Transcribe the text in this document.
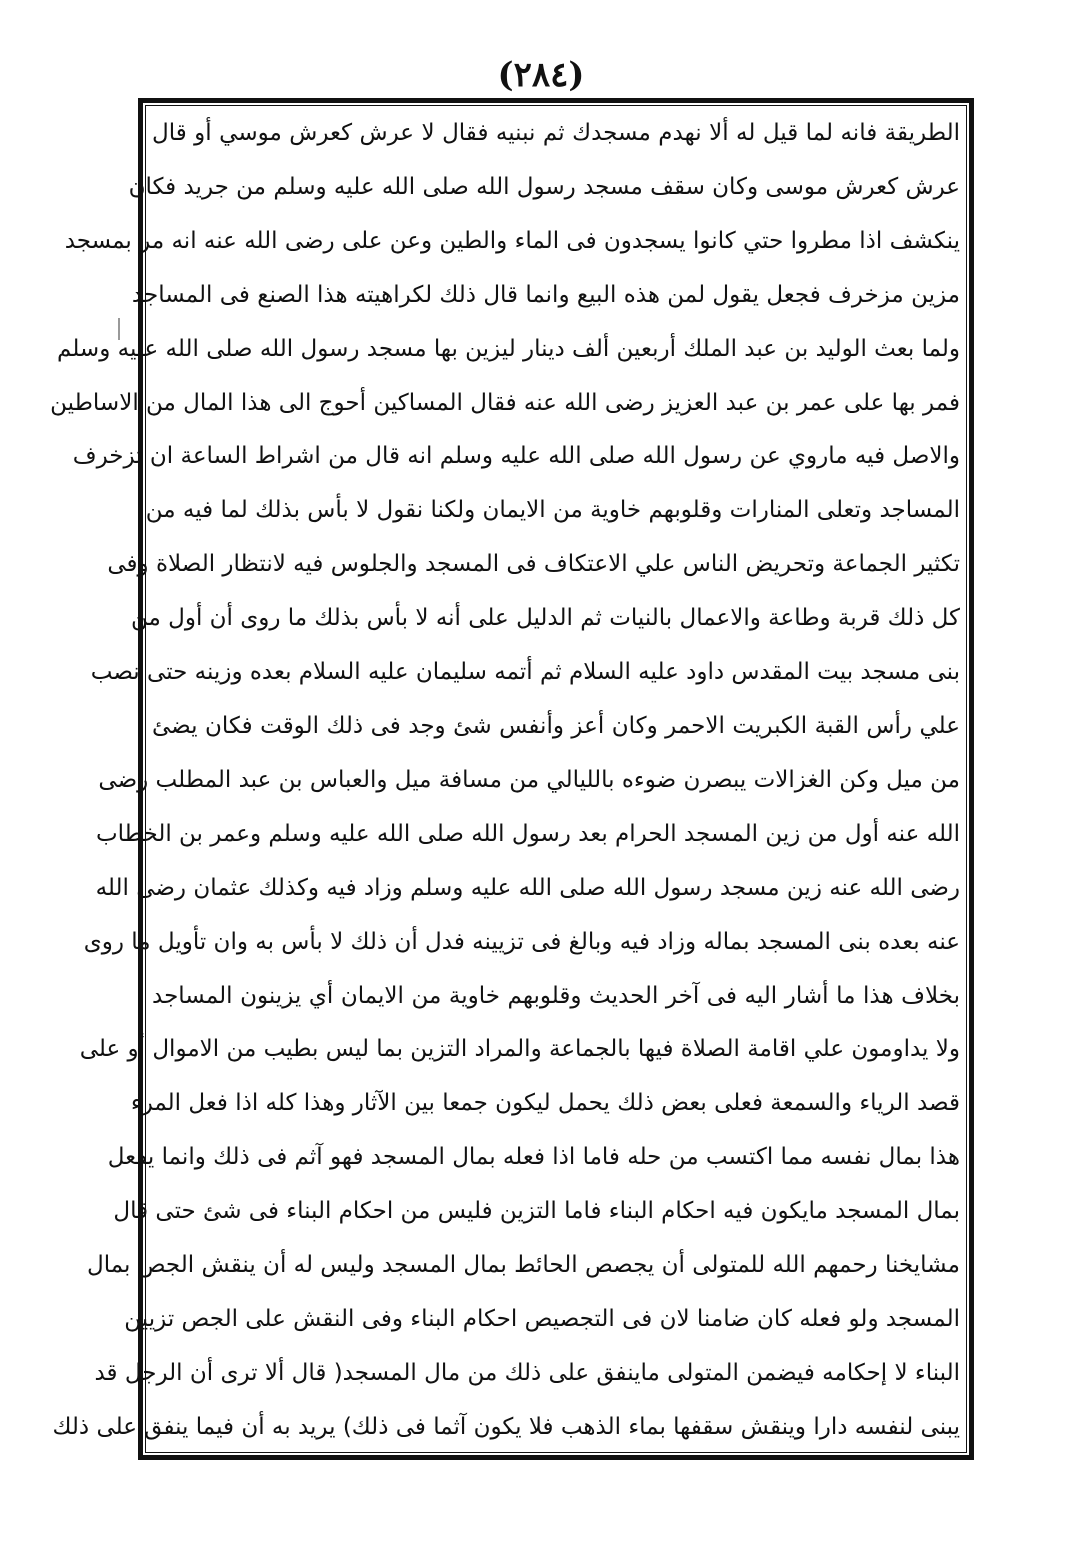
(٢٨٤)
الطريقة فانه لما قيل له ألا نهدم مسجدك ثم نبنيه فقال لا عرش كعرش موسي أو قال
عرش كعرش موسى وكان سقف مسجد رسول الله صلى الله عليه وسلم من جريد فكان
ينكشف اذا مطروا حتي كانوا يسجدون فى الماء والطين وعن على رضى الله عنه انه مر بمسجد
مزين مزخرف فجعل يقول لمن هذه البيع وانما قال ذلك لكراهيته هذا الصنع فى المساجد
ولما بعث الوليد بن عبد الملك أربعين ألف دينار ليزين بها مسجد رسول الله صلى الله عليه وسلم
فمر بها على عمر بن عبد العزيز رضى الله عنه فقال المساكين أحوج الى هذا المال من الاساطين
والاصل فيه ماروي عن رسول الله صلى الله عليه وسلم انه قال من اشراط الساعة ان تزخرف
المساجد وتعلى المنارات وقلوبهم خاوية من الايمان ولكنا نقول لا بأس بذلك لما فيه من
تكثير الجماعة وتحريض الناس علي الاعتكاف فى المسجد والجلوس فيه لانتظار الصلاة وفى
كل ذلك قربة وطاعة والاعمال بالنيات ثم الدليل على أنه لا بأس بذلك ما روى أن أول من
بنى مسجد بيت المقدس داود عليه السلام ثم أتمه سليمان عليه السلام بعده وزينه حتى نصب
علي رأس القبة الكبريت الاحمر وكان أعز وأنفس شئ وجد فى ذلك الوقت فكان يضئ
من ميل وكن الغزالات يبصرن ضوءه بالليالي من مسافة ميل والعباس بن عبد المطلب رضى
الله عنه أول من زين المسجد الحرام بعد رسول الله صلى الله عليه وسلم وعمر بن الخطاب
رضى الله عنه زين مسجد رسول الله صلى الله عليه وسلم وزاد فيه وكذلك عثمان رضى الله
عنه بعده بنى المسجد بماله وزاد فيه وبالغ فى تزيينه فدل أن ذلك لا بأس به وان تأويل ما روى
بخلاف هذا ما أشار اليه فى آخر الحديث وقلوبهم خاوية من الايمان أي يزينون المساجد
ولا يداومون علي اقامة الصلاة فيها بالجماعة والمراد التزين بما ليس بطيب من الاموال أو على
قصد الرياء والسمعة فعلى بعض ذلك يحمل ليكون جمعا بين الآثار وهذا كله اذا فعل المرء
هذا بمال نفسه مما اكتسب من حله فاما اذا فعله بمال المسجد فهو آثم فى ذلك وانما يفعل
بمال المسجد مايكون فيه احكام البناء فاما التزين فليس من احكام البناء فى شئ حتى قال
مشايخنا رحمهم الله للمتولى أن يجصص الحائط بمال المسجد وليس له أن ينقش الجص بمال
المسجد ولو فعله كان ضامنا لان فى التجصيص احكام البناء وفى النقش على الجص تزيين
البناء لا إحكامه فيضمن المتولى ماينفق على ذلك من مال المسجد( قال ألا ترى أن الرجل قد
يبنى لنفسه دارا وينقش سقفها بماء الذهب فلا يكون آثما فى ذلك) يريد به أن فيما ينفق على ذلك
